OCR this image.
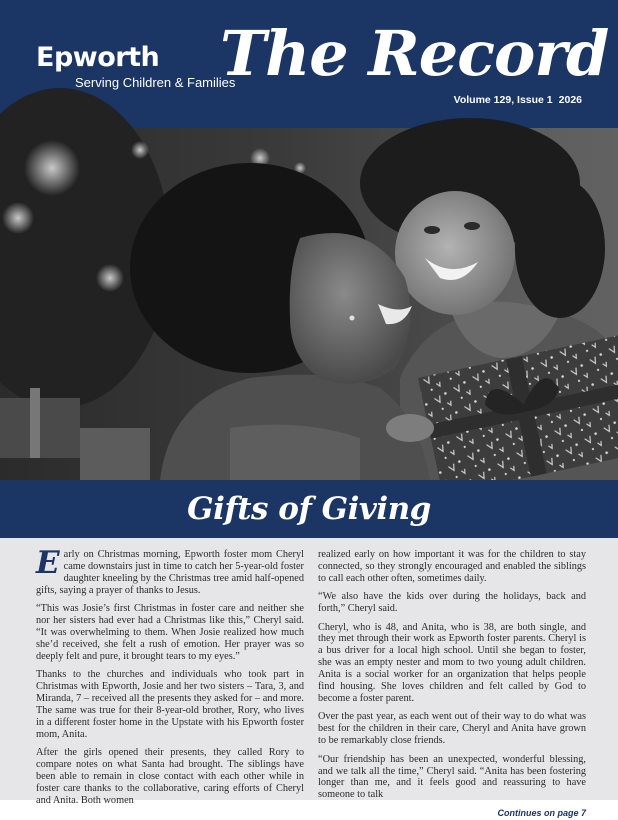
Epworth
Serving Children & Families
The Record
Volume 129, Issue 1 2026
Gifts of Giving

Early on Christmas morning, Epworth foster mom Cheryl came downstairs just in time to catch her 5-year-old foster daughter kneeling by the Christmas tree amid half-opened gifts, saying a prayer of thanks to Jesus.

“This was Josie’s first Christmas in foster care and neither she nor her sisters had ever had a Christmas like this,” Cheryl said. “It was overwhelming to them. When Josie realized how much she’d received, she felt a rush of emotion. Her prayer was so deeply felt and pure, it brought tears to my eyes.”

Thanks to the churches and individuals who took part in Christmas with Epworth, Josie and her two sisters – Tara, 3, and Miranda, 7 – received all the presents they asked for – and more. The same was true for their 8-year-old brother, Rory, who lives in a different foster home in the Upstate with his Epworth foster mom, Anita.

After the girls opened their presents, they called Rory to compare notes on what Santa had brought. The siblings have been able to remain in close contact with each other while in foster care thanks to the collaborative, caring efforts of Cheryl and Anita. Both women

realized early on how important it was for the children to stay connected, so they strongly encouraged and enabled the siblings to call each other often, sometimes daily.

“We also have the kids over during the holidays, back and forth,” Cheryl said.

Cheryl, who is 48, and Anita, who is 38, are both single, and they met through their work as Epworth foster parents. Cheryl is a bus driver for a local high school. Until she began to foster, she was an empty nester and mom to two young adult children. Anita is a social worker for an organization that helps people find housing. She loves children and felt called by God to become a foster parent.

Over the past year, as each went out of their way to do what was best for the children in their care, Cheryl and Anita have grown to be remarkably close friends.

“Our friendship has been an unexpected, wonderful blessing, and we talk all the time,” Cheryl said. “Anita has been fostering longer than me, and it feels good and reassuring to have someone to talk

Continues on page 7
